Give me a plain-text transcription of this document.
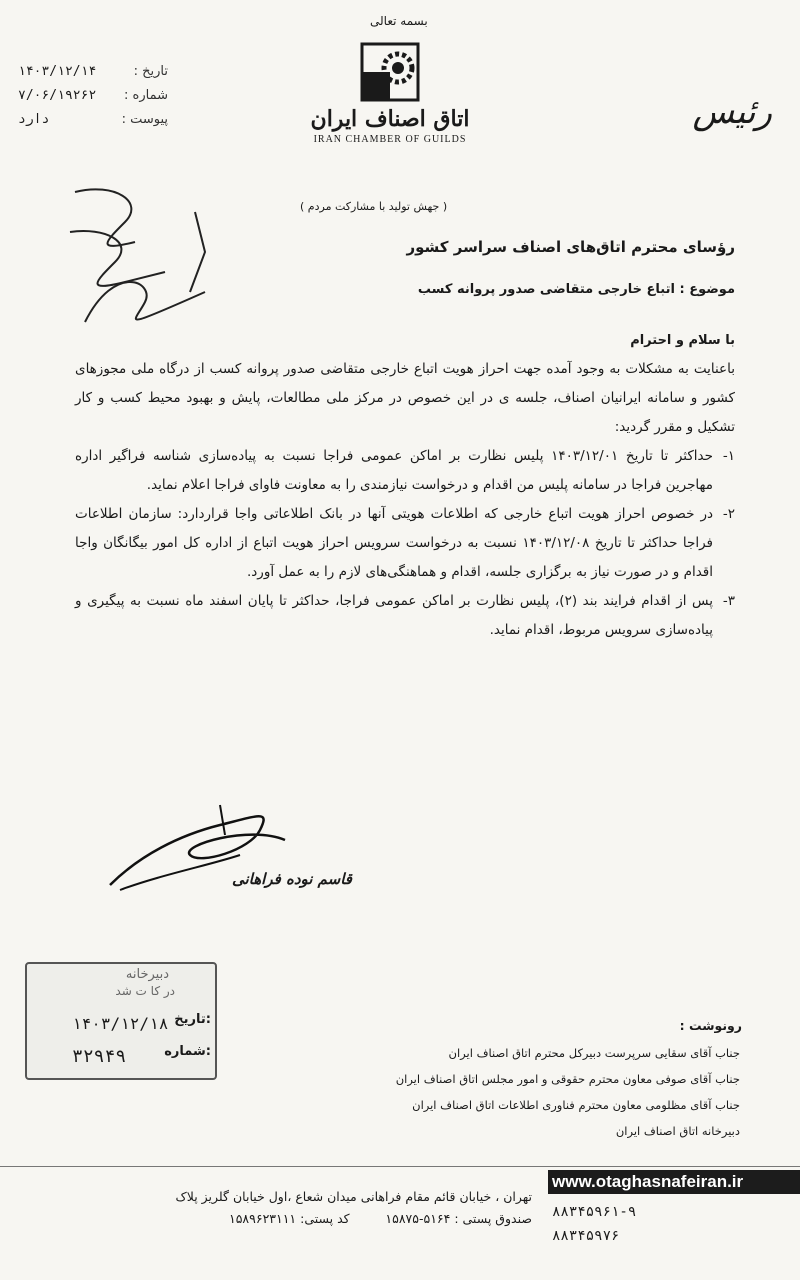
بسمه تعالی
تاریخ :
۱۴۰۳/۱۲/۱۴
شماره :
۷/۰۶/۱۹۲۶۲
پیوست :
دارد	اتاق اصناف ایران
IRAN CHAMBER OF GUILDS
رئیس
( جهش تولید با مشارکت مردم )
رؤسای محترم اتاق‌های اصناف سراسر کشور
موضوع : اتباع خارجی متقاضی صدور پروانه کسب
با سلام و احترام

باعنایت به مشکلات به وجود آمده جهت احراز هویت اتباع خارجی متقاضی صدور پروانه کسب از درگاه ملی مجوزهای کشور و سامانه ایرانیان اصناف، جلسه ی در این خصوص در مرکز ملی مطالعات، پایش و بهبود محیط کسب و کار تشکیل و مقرر گردید:

۱-
حداکثر تا تاریخ ۱۴۰۳/۱۲/۰۱ پلیس نظارت بر اماکن عمومی فراجا نسبت به پیاده‌سازی شناسه فراگیر اداره مهاجرین فراجا در سامانه پلیس من اقدام و درخواست نیازمندی را به معاونت فاوای فراجا اعلام نماید.
۲-
در خصوص احراز هویت اتباع خارجی که اطلاعات هویتی آنها در بانک اطلاعاتی واجا قراردارد: سازمان اطلاعات فراجا حداکثر تا تاریخ ۱۴۰۳/۱۲/۰۸ نسبت به درخواست سرویس احراز هویت اتباع از اداره کل امور بیگانگان واجا اقدام و در صورت نیاز به برگزاری جلسه، اقدام و هماهنگی‌های لازم را به عمل آورد.
۳-
پس از اقدام فرایند بند (۲)، پلیس نظارت بر اماکن عمومی فراجا، حداکثر تا پایان اسفند ماه نسبت به پیگیری و پیاده‌سازی سرویس مربوط، اقدام نماید.
قاسم نوده فراهانی
دبیرخانه
در کا ت شد
تاریخ:
۱۴۰۳/۱۲/۱۸
شماره:
۳۲۹۴۹
رونوشت :
جناب آقای سقایی سرپرست دبیرکل محترم اتاق اصناف ایران
جناب آقای صوفی معاون محترم حقوقی و امور مجلس اتاق اصناف ایران
جناب آقای مظلومی معاون محترم فناوری اطلاعات اتاق اصناف ایران
دبیرخانه اتاق اصناف ایران
تهران ، خیابان قائم مقام فراهانی میدان شعاع ،اول خیابان گلریز پلاک
صندوق پستی : ۵۱۶۴-۱۵۸۷۵         کد پستی: ۱۵۸۹۶۲۳۱۱۱
www.otaghasnafeiran.ir
۸۸۳۴۵۹۶۱-۹
۸۸۳۴۵۹۷۶
